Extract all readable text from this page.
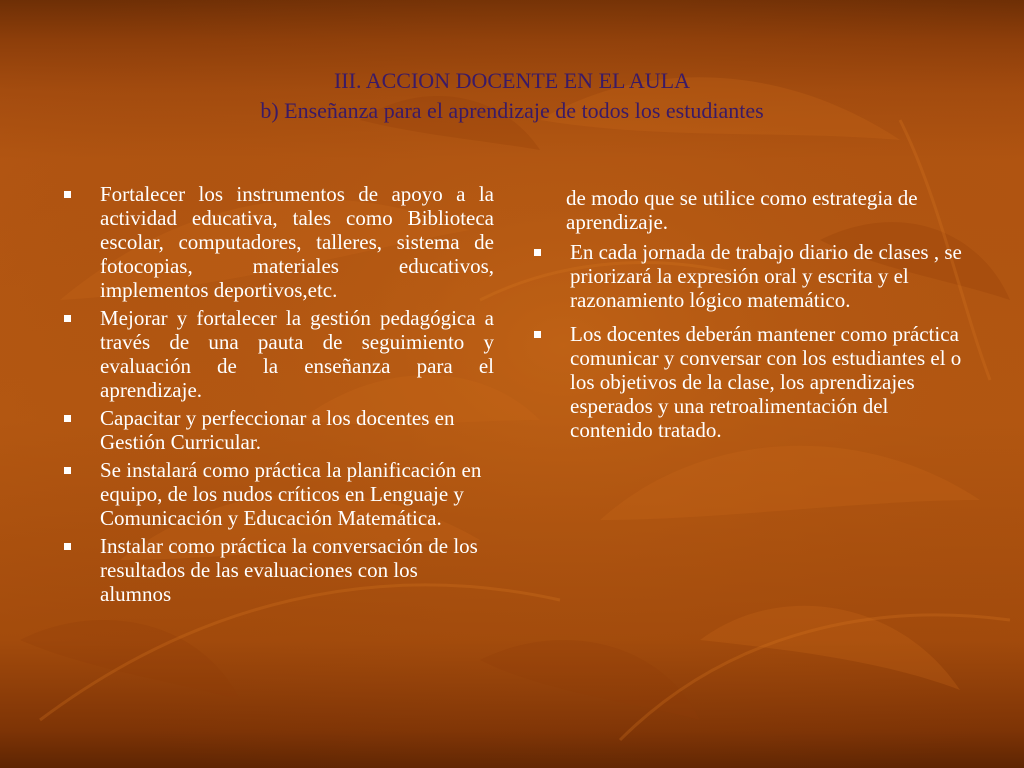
III. ACCION DOCENTE EN EL AULA
b) Enseñanza para el aprendizaje de todos los estudiantes
Fortalecer los instrumentos de apoyo a la actividad educativa, tales como Biblioteca escolar, computadores, talleres, sistema de fotocopias, materiales educativos, implementos deportivos,etc.
Mejorar y fortalecer la gestión pedagógica a través de una pauta de seguimiento y evaluación de la enseñanza para el aprendizaje.
Capacitar y perfeccionar a los docentes en Gestión Curricular.
Se instalará como práctica la planificación en equipo, de los nudos críticos en Lenguaje y Comunicación y Educación Matemática.
Instalar como práctica la conversación de los resultados de las evaluaciones con los alumnos
de modo que se utilice como estrategia de aprendizaje.
En cada jornada de trabajo diario de clases , se priorizará la expresión oral y escrita y el razonamiento lógico matemático.
Los docentes deberán mantener como práctica comunicar y conversar con los estudiantes el o los objetivos de la clase, los aprendizajes esperados y una retroalimentación del contenido tratado.
